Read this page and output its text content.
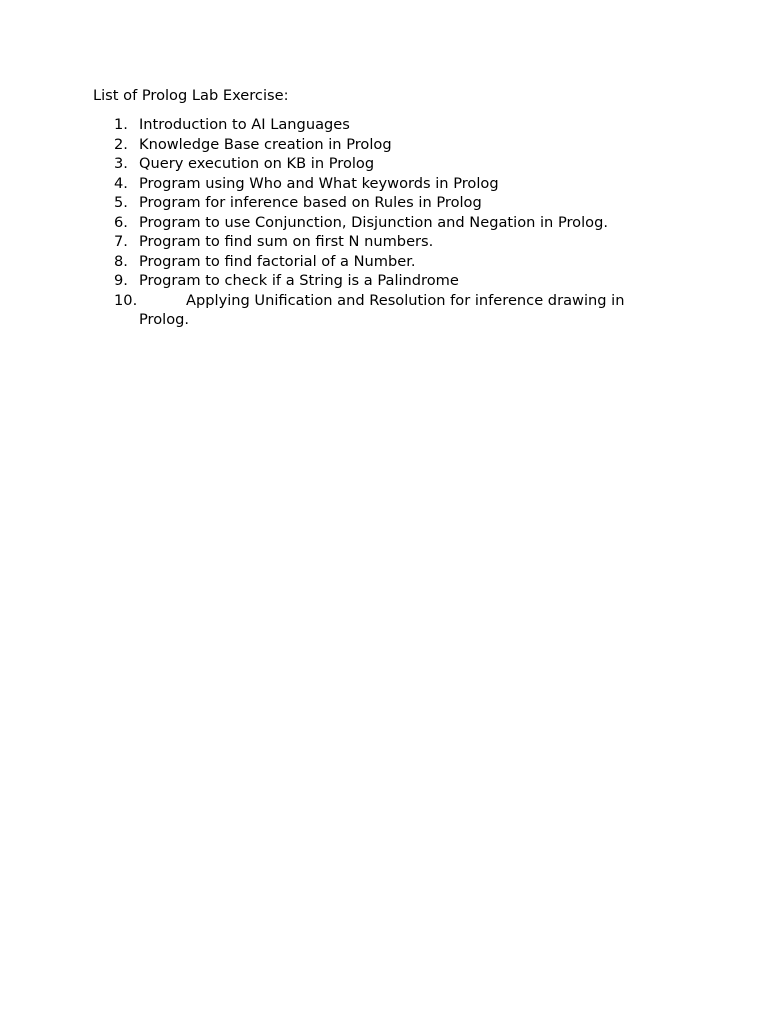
List of Prolog Lab Exercise:
1. Introduction to AI Languages
2. Knowledge Base creation in Prolog
3. Query execution on KB in Prolog
4. Program using Who and What keywords in Prolog
5. Program for inference based on Rules in Prolog
6. Program to use Conjunction, Disjunction and Negation in Prolog.
7. Program to find sum on first N numbers.
8. Program to find factorial of a Number.
9. Program to check if a String is a Palindrome
10.	Applying Unification and Resolution for inference drawing in Prolog.
